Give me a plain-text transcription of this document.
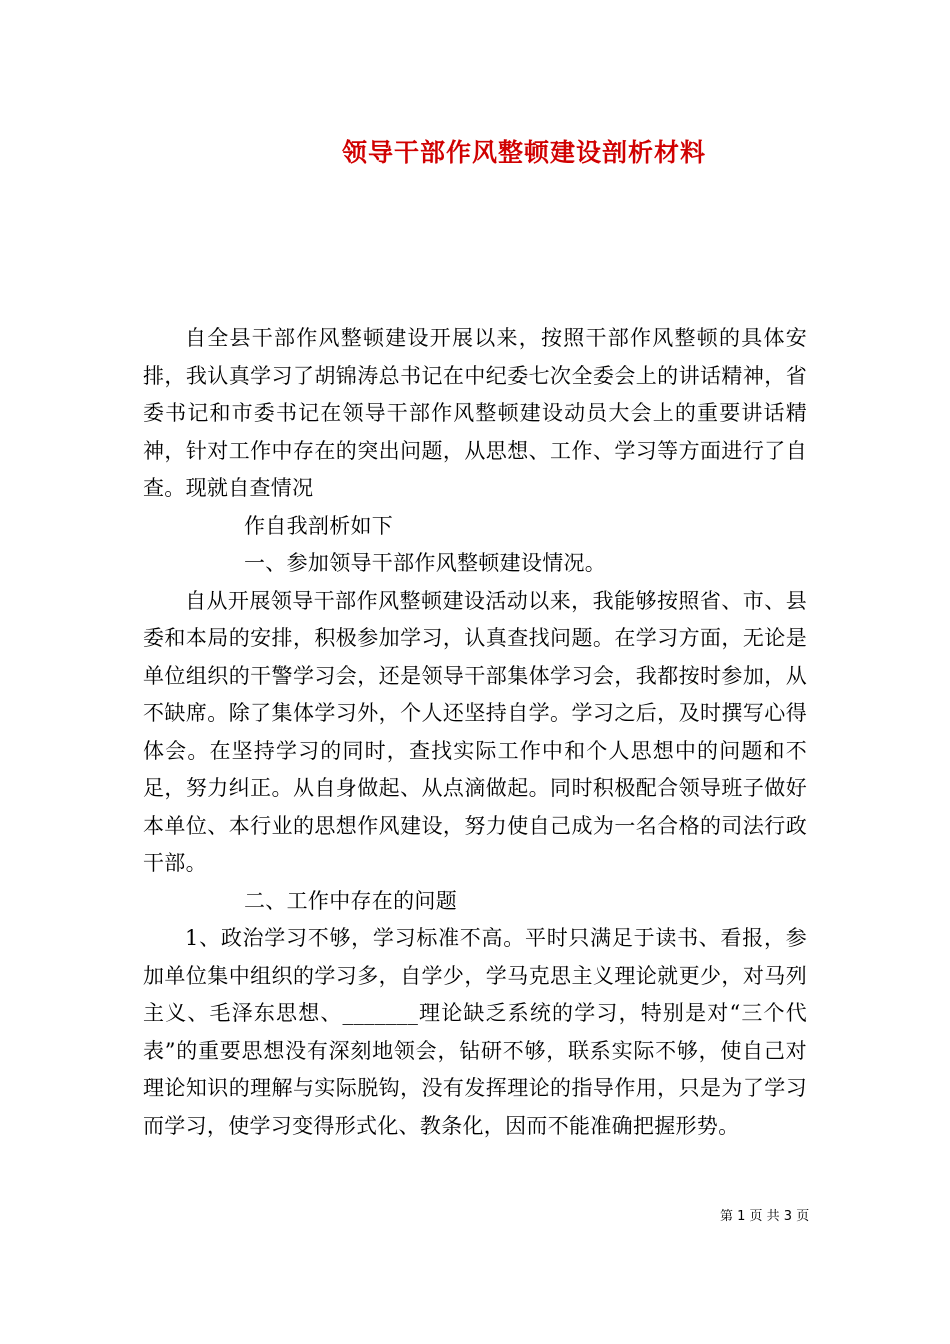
领导干部作风整顿建设剖析材料

自全县干部作风整顿建设开展以来，按照干部作风整顿的具体安排，我认真学习了胡锦涛总书记在中纪委七次全委会上的讲话精神，省委书记和市委书记在领导干部作风整顿建设动员大会上的重要讲话精神，针对工作中存在的突出问题，从思想、工作、学习等方面进行了自查。现就自查情况

作自我剖析如下

一、参加领导干部作风整顿建设情况。

自从开展领导干部作风整顿建设活动以来，我能够按照省、市、县委和本局的安排，积极参加学习，认真查找问题。在学习方面，无论是单位组织的干警学习会，还是领导干部集体学习会，我都按时参加，从不缺席。除了集体学习外，个人还坚持自学。学习之后，及时撰写心得体会。在坚持学习的同时，查找实际工作中和个人思想中的问题和不足，努力纠正。从自身做起、从点滴做起。同时积极配合领导班子做好本单位、本行业的思想作风建设，努力使自己成为一名合格的司法行政干部。

二、工作中存在的问题

1、政治学习不够，学习标准不高。平时只满足于读书、看报，参加单位集中组织的学习多，自学少，学马克思主义理论就更少，对马列主义、毛泽东思想、_______理论缺乏系统的学习，特别是对“三个代表”的重要思想没有深刻地领会，钻研不够，联系实际不够，使自己对理论知识的理解与实际脱钩，没有发挥理论的指导作用，只是为了学习而学习，使学习变得形式化、教条化，因而不能准确把握形势。

第 1 页 共 3 页
